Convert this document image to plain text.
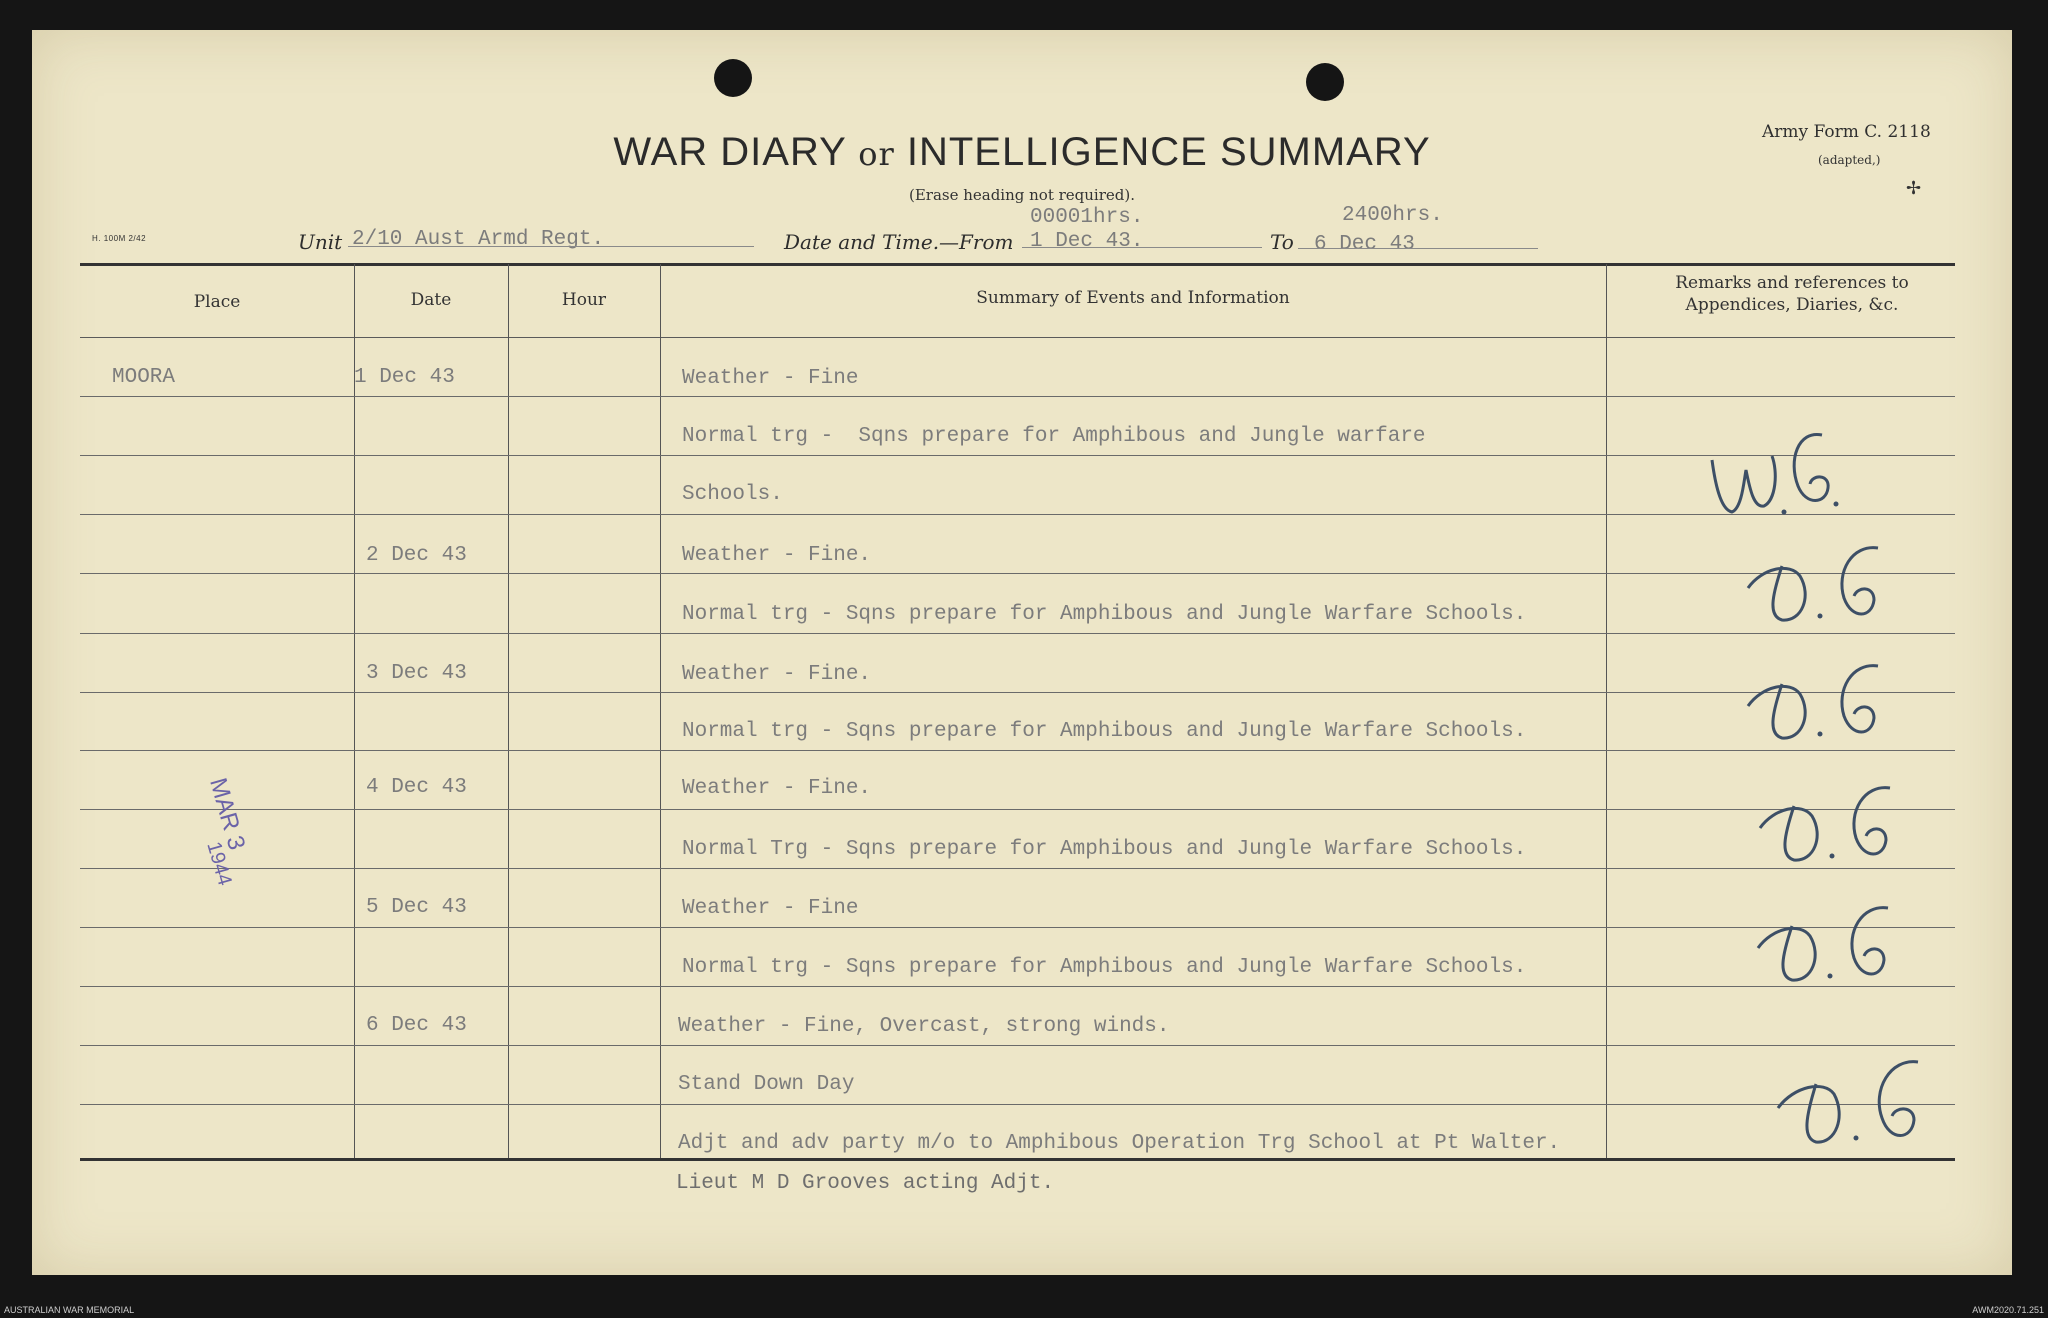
WAR DIARY or INTELLIGENCE SUMMARY
(Erase heading not required).
Army Form C. 2118
(adapted,)
✢
H. 100M 2/42	Unit 2/10 Aust Armd Regt.	Date and Time.—From
00001hrs.
1 Dec 43.	To
2400hrs.
6 Dec 43
Place	Date	Hour	Summary of Events and Information
Remarks and references to Appendices, Diaries, &c.
MOORA	1 Dec 43	Weather - Fine
Normal trg -  Sqns prepare for Amphibous and Jungle warfare
Schools.
2 Dec 43	Weather - Fine.
Normal trg - Sqns prepare for Amphibous and Jungle Warfare Schools.
3 Dec 43	Weather - Fine.
Normal trg - Sqns prepare for Amphibous and Jungle Warfare Schools.
4 Dec 43	Weather - Fine.
Normal Trg - Sqns prepare for Amphibous and Jungle Warfare Schools.
5 Dec 43	Weather - Fine
Normal trg - Sqns prepare for Amphibous and Jungle Warfare Schools.
6 Dec 43	Weather - Fine, Overcast, strong winds.
Stand Down Day
Adjt and adv party m/o to Amphibous Operation Trg School at Pt Walter.
Lieut M D Grooves acting Adjt.
MAR 3
1944
AUSTRALIAN WAR MEMORIAL	AWM2020.71.251
